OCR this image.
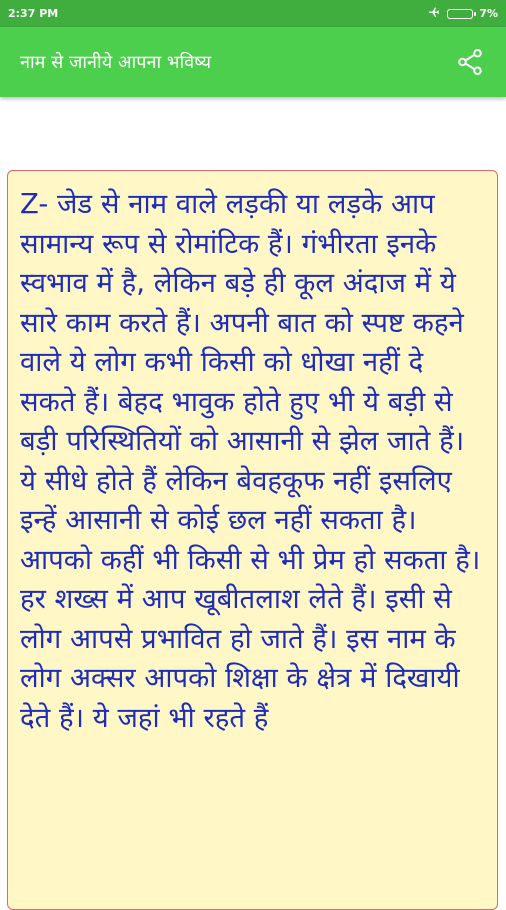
2:37 PM	7%
नाम से जानीये आपना भविष्य

Z- जेड से नाम वाले लड़की या लड़के आप सामान्य रूप से रोमांटिक हैं। गंभीरता इनके स्वभाव में है, लेकिन बड़े ही कूल अंदाज में ये सारे काम करते हैं। अपनी बात को स्पष्ट कहने वाले ये लोग कभी किसी को धोखा नहीं दे सकते हैं। बेहद भावुक होते हुए भी ये बड़ी से बड़ी परिस्थितियों को आसानी से झेल जाते हैं। ये सीधे होते हैं लेकिन बेवहकूफ नहीं इसलिए इन्हें आसानी से कोई छल नहीं सकता है। आपको कहीं भी किसी से भी प्रेम हो सकता है। हर शख्स में आप खूबीतलाश लेते हैं। इसी से लोग आपसे प्रभावित हो जाते हैं। इस नाम के लोग अक्सर आपको शिक्षा के क्षेत्र में दिखायी देते हैं। ये जहां भी रहते हैं
